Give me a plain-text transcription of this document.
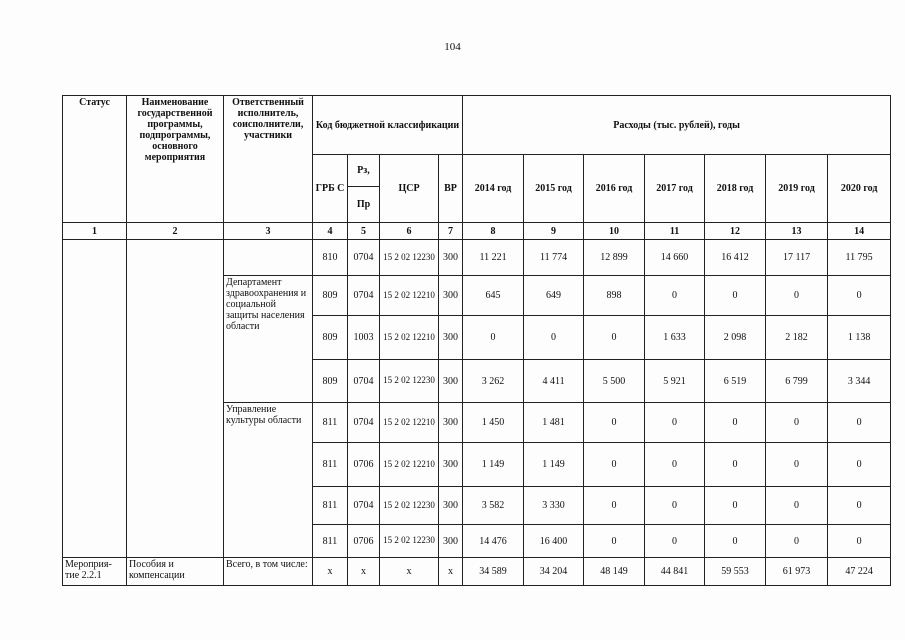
104
Статус	Наименование государственной программы, подпрограммы, основного мероприятия	Ответственный исполнитель, соисполнители, участники	Код бюджетной классификации				Расходы (тыс. рублей), годы						
			ГРБ С	Рз,	ЦСР	ВР	2014 год	2015 год	2016 год	2017 год	2018 год	2019 год	2020 год
				Пр									
1	2	3	4	5	6	7	8	9	10	11	12	13	14
			810	0704	15 2 02 12230	300	11 221	11 774	12 899	14 660	16 412	17 117	11 795
		Департамент здравоохранения и социальной защиты населения области	809	0704	15 2 02 12210	300	645	649	898	0	0	0	0
			809	1003	15 2 02 12210	300	0	0	0	1 633	2 098	2 182	1 138
			809	0704	15 2 02 12230	300	3 262	4 411	5 500	5 921	6 519	6 799	3 344
		Управление культуры области	811	0704	15 2 02 12210	300	1 450	1 481	0	0	0	0	0
			811	0706	15 2 02 12210	300	1 149	1 149	0	0	0	0	0
			811	0704	15 2 02 12230	300	3 582	3 330	0	0	0	0	0
			811	0706	15 2 02 12230	300	14 476	16 400	0	0	0	0	0
Мероприя-тие 2.2.1	Пособия и компенсации	Всего, в том числе:	х	х	х	х	34 589	34 204	48 149	44 841	59 553	61 973	47 224
